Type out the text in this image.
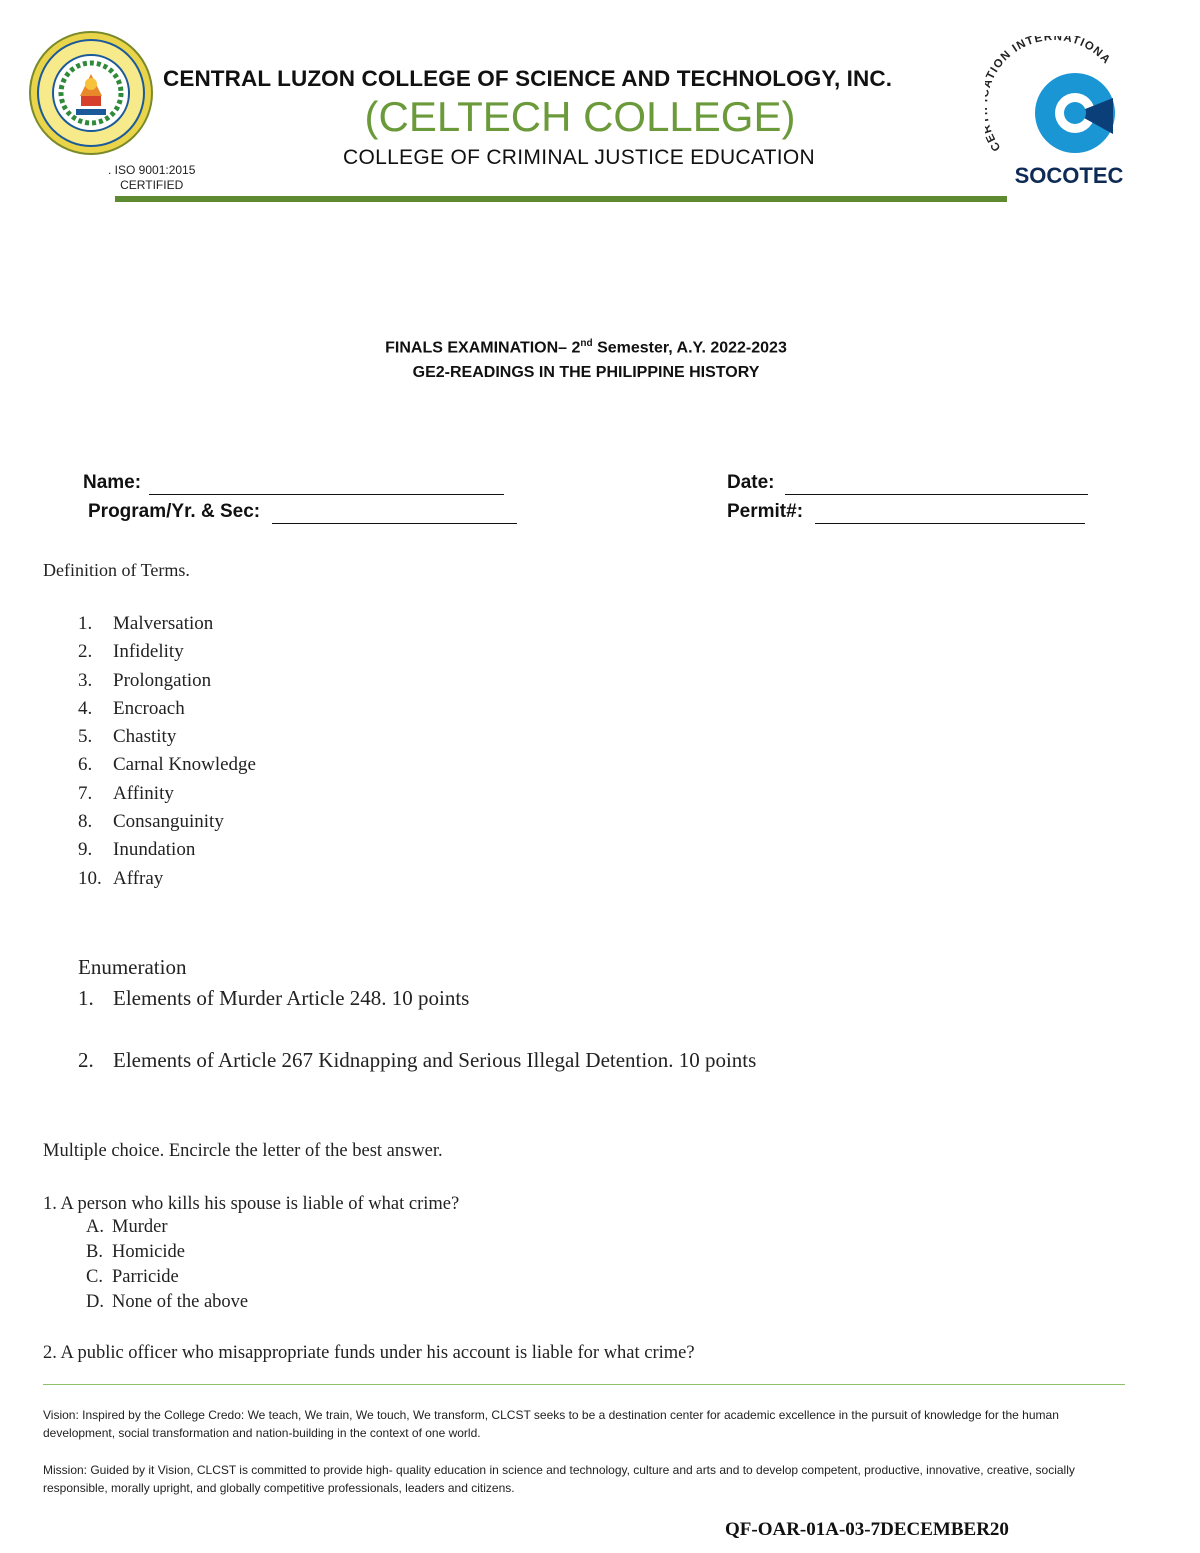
. ISO 9001:2015
CERTIFIED
CENTRAL LUZON COLLEGE OF SCIENCE AND TECHNOLOGY, INC.
(CELTECH COLLEGE)
COLLEGE OF CRIMINAL JUSTICE EDUCATION
CE TION INTERNATIONA
SOCOTEC
FINALS EXAMINATION– 2nd Semester, A.Y. 2022-2023
GE2-READINGS IN THE PHILIPPINE HISTORY
Name:
Program/Yr. & Sec:
Date:
Permit#:
Definition of Terms.
1. Malversation
2. Infidelity
3. Prolongation
4. Encroach
5. Chastity
6. Carnal Knowledge
7. Affinity
8. Consanguinity
9. Inundation
10. Affray
Enumeration
1. Elements of Murder Article 248. 10 points
2. Elements of Article 267 Kidnapping and Serious Illegal Detention. 10 points
Multiple choice. Encircle the letter of the best answer.
1. A person who kills his spouse is liable of what crime?
A. Murder
B. Homicide
C. Parricide
D. None of the above
2. A public officer who misappropriate funds under his account is liable for what crime?
Vision: Inspired by the College Credo: We teach, We train, We touch, We transform, CLCST seeks to be a destination center for academic excellence in the pursuit of knowledge for the human development, social transformation and nation-building in the context of one world.
Mission: Guided by it Vision, CLCST is committed to provide high- quality education in science and technology, culture and arts and to develop competent, productive, innovative, creative, socially responsible, morally upright, and globally competitive professionals, leaders and citizens.
QF-OAR-01A-03-7DECEMBER20
